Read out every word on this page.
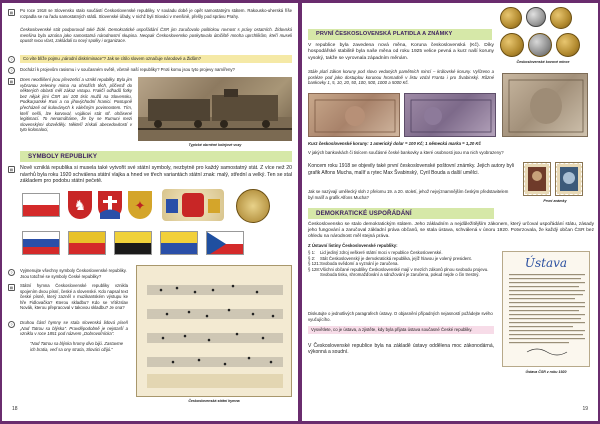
▤	Po roce 1918 se Slovensko stalo součástí Československé republiky. V souladu době je opět samostatným státem. Rakousko-uherská říše rozpadla se na řadu samostatných států. Slovenské úřady, v nichž byli Slováci v menšině, přešly pod správu Prahy.
Československé stát podporovali také Židé. Demokratické uspořádání ČSR jim zaručovalo politickou rovnost s právy ostatních. Židovská menšina byla uznána jako samostatná národnostní skupina. Neopak Československo poskytovalo útočiště mnoha uprchlíkům, kteří museli opustit svou vlast, zakládali tu nový spolky i organizace.
?	Co víte blíže pojmu „národní diskriminace"? Jak se cítilo slovem označuje národové a Židům?
?	Dochází k projevům rasismu i v současném světě, včetně naší republiky? Proti komu jsou tyto projevy namířeny?
▤	Dnes neodlišení jsou převzetící a vznikl republiky. Byla jim vybranou zeleniny mima na ohrožích těch, přičemž do některých oblastí měl zákaz vstupu. Frakčí odhadů fotky bez nějak jimi ČSR asi 100 tisíc mužů na Slovensku, Podkarpatské Rusi a na jihovýchodní hranici. Postupně přecházeli od kuloványch k válečným povinnostem. Tím, kteří nešli, lze kotvoval, vojákovi stát stř. ohlásené legitimací. To nenamáháme, že by se Rumuni mezi slovenskými dozvěděly. Někteří získali abecedovitostí v tyto kolonaloci,
Typické obrněné kolejové vozy
SYMBOLY REPUBLIKY
▤	Nově vzniklá republika si musela také vytvořit své státní symboly, nezbytně pro každý samostatný stát. Z více než 20 návrhů byla roku 1920 schválena státní vlajka a hned ve třech variantách státní znak: malý, střední a velký. Ten se stal základem pro podobu státní pečetě.
♞	✦
?	Vyjmenujte všechny symboly Československé republiky. Jsou totožné se symboly České republiky?
▤	Státní hymna Československé republiky vznikla spojením dvou písní, české a slovenské. Kdo napsal text české písně, který zazněl v muzikantském výstupu ke hře Fidlovačka? Kterou skladbu? Kdo se Vítězslav Novák, kterou přepracoval v takovou skladbu? Je ona?
?	Druhou částí hymny se stala slovenská lidová píseň „Nad Tatrou sa blýska". Pravděpodobně je nejstarší a vznikla v roce 1851 pod názvem „Dobrovoľnícka".
"Nad Tatrou sa blýska hromy divo bijú. Zastavme ich bratia, veď sa ony stratia, Slováci ožijú."
Československá státní hymna
18
PRVNÍ ČESKOSLOVENSKÁ PLATIDLA A ZNÁMKY
V republice byla zavedena nová měna, Koruna československá (Kč). Díky hospodářské stabilitě byla naše měna od roku 1925 velice pevná a kurz naší koruny vysoký, takže se vyrovnala západním měnám.
Československé kovové mince
Stále platí zákon koruny pod slovo vedaných pamětních mincí – královské koruny. Vyřízeno a posléze pod jako dostuplou korunou hromadně v listu vzdal Franta i pro Švabinský. Různé bankovky 1, 5, 10, 20, 50, 100, 500, 1000 a 5000 Kč.
Kurz československé koruny: 1 americký dolar = 100 Kč; 1 německá marka = 1,20 Kč
V jakých bankovkách či tisícem součásné české bankovky a které osobnosti jsou ma nich vyobrazeny?
Koncem roku 1918 se objevily také první československé poštovní známky. Jejich autory byli grafik Alfons Mucha, malíř a rytec Max Švabinský, Cyril Bouda a další umělci.
Jak se nazývají umělecký sloh z přelomu 19. a 20. století, jehož nejvýznamnějším českým představitelem byl malíř a grafik Alfons Mucha?
První známky
DEMOKRATICKÉ USPOŘÁDÁNÍ
Československo se stalo demokratickým státem. Jeho základním a nejdůležitějším zákonem, který určoval uspořádání státu, zásady jeho fungování a zaručoval základní práva občanů, se stala ústava, schválená v únoru 1920. Potvrzovala, že každý občan ČSR bez ohledu na národnost měl stejná práva.
Z Ústavní listiny Československé republiky:
§ 1: Lid jediný zdroj veškeré státní moci v republice Československé.
§ 2: Stát Československý je demokratická republika, jejíž hlavou je volený president.
§ 121: Svoboda svědomí a vyznání je zaručena.
§ 128: Všichni občané republiky Československé mají v mezích zákonů plnou svobodu projevu. Svoboda tisku, shromažďování a sdružování je zaručena, pokud nejde o čin trestný.
Diskutujte o jednotlivých paragrafech ústavy. O objasnění případných nejasností požádejte svého vyučujícího.
Vysvětlete, co je ústava, a zjistěte, kdy byla přijata ústava současné České republiky.
V Československé republice byla na základě ústavy oddělena moc zákonodárná, výkonná a soudní.
Ústava
Ústava ČSR z roku 1920
19
